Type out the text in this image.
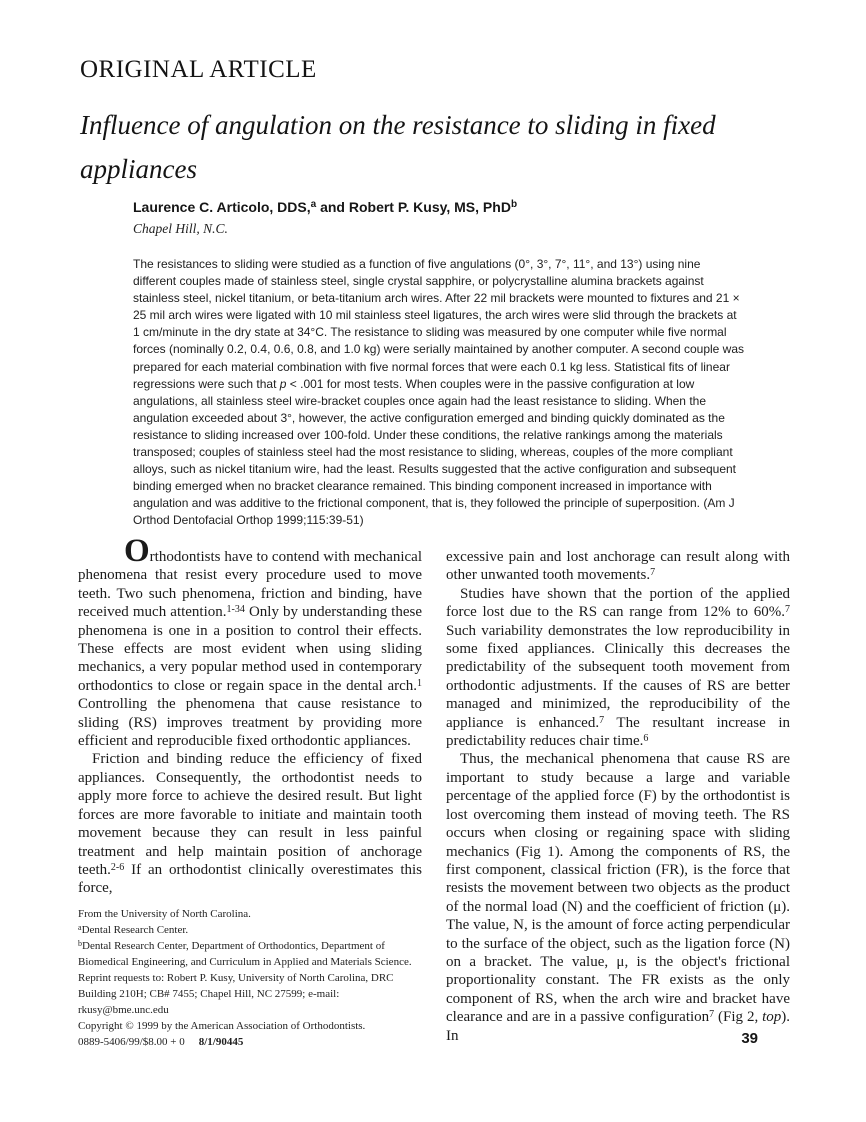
ORIGINAL ARTICLE
Influence of angulation on the resistance to sliding in fixed appliances
Laurence C. Articolo, DDS,$^a$ and Robert P. Kusy, MS, PhD$^b$
Chapel Hill, N.C.
The resistances to sliding were studied as a function of five angulations (0°, 3°, 7°, 11°, and 13°) using nine different couples made of stainless steel, single crystal sapphire, or polycrystalline alumina brackets against stainless steel, nickel titanium, or beta-titanium arch wires. After 22 mil brackets were mounted to fixtures and 21 × 25 mil arch wires were ligated with 10 mil stainless steel ligatures, the arch wires were slid through the brackets at 1 cm/minute in the dry state at 34°C. The resistance to sliding was measured by one computer while five normal forces (nominally 0.2, 0.4, 0.6, 0.8, and 1.0 kg) were serially maintained by another computer. A second couple was prepared for each material combination with five normal forces that were each 0.1 kg less. Statistical fits of linear regressions were such that p < .001 for most tests. When couples were in the passive configuration at low angulations, all stainless steel wire-bracket couples once again had the least resistance to sliding. When the angulation exceeded about 3°, however, the active configuration emerged and binding quickly dominated as the resistance to sliding increased over 100-fold. Under these conditions, the relative rankings among the materials transposed; couples of stainless steel had the most resistance to sliding, whereas, couples of the more compliant alloys, such as nickel titanium wire, had the least. Results suggested that the active configuration and subsequent binding emerged when no bracket clearance remained. This binding component increased in importance with angulation and was additive to the frictional component, that is, they followed the principle of superposition. (Am J Orthod Dentofacial Orthop 1999;115:39-51)

Orthodontists have to contend with mechanical phenomena that resist every procedure used to move teeth. Two such phenomena, friction and binding, have received much attention.$^{1-34}$ Only by understanding these phenomena is one in a position to control their effects. These effects are most evident when using sliding mechanics, a very popular method used in contemporary orthodontics to close or regain space in the dental arch.$^1$ Controlling the phenomena that cause resistance to sliding (RS) improves treatment by providing more efficient and reproducible fixed orthodontic appliances.

Friction and binding reduce the efficiency of fixed appliances. Consequently, the orthodontist needs to apply more force to achieve the desired result. But light forces are more favorable to initiate and maintain tooth movement because they can result in less painful treatment and help maintain position of anchorage teeth.$^{2-6}$ If an orthodontist clinically overestimates this force,

excessive pain and lost anchorage can result along with other unwanted tooth movements.$^7$

Studies have shown that the portion of the applied force lost due to the RS can range from 12% to 60%.$^7$ Such variability demonstrates the low reproducibility in some fixed appliances. Clinically this decreases the predictability of the subsequent tooth movement from orthodontic adjustments. If the causes of RS are better managed and minimized, the reproducibility of the appliance is enhanced.$^7$ The resultant increase in predictability reduces chair time.$^6$

Thus, the mechanical phenomena that cause RS are important to study because a large and variable percentage of the applied force (F) by the orthodontist is lost overcoming them instead of moving teeth. The RS occurs when closing or regaining space with sliding mechanics (Fig 1). Among the components of RS, the first component, classical friction (FR), is the force that resists the movement between two objects as the product of the normal load (N) and the coefficient of friction (μ). The value, N, is the amount of force acting perpendicular to the surface of the object, such as the ligation force (N) on a bracket. The value, μ, is the object's frictional proportionality constant. The FR exists as the only component of RS, when the arch wire and bracket have clearance and are in a passive configuration$^7$ (Fig 2, top). In

From the University of North Carolina.

$^a$Dental Research Center.

$^b$Dental Research Center, Department of Orthodontics, Department of Biomedical Engineering, and Curriculum in Applied and Materials Science.

Reprint requests to: Robert P. Kusy, University of North Carolina, DRC Building 210H; CB# 7455; Chapel Hill, NC 27599; e-mail: rkusy@bme.unc.edu

Copyright © 1999 by the American Association of Orthodontists.

0889-5406/99/$8.00 + 0 8/1/90445	39
